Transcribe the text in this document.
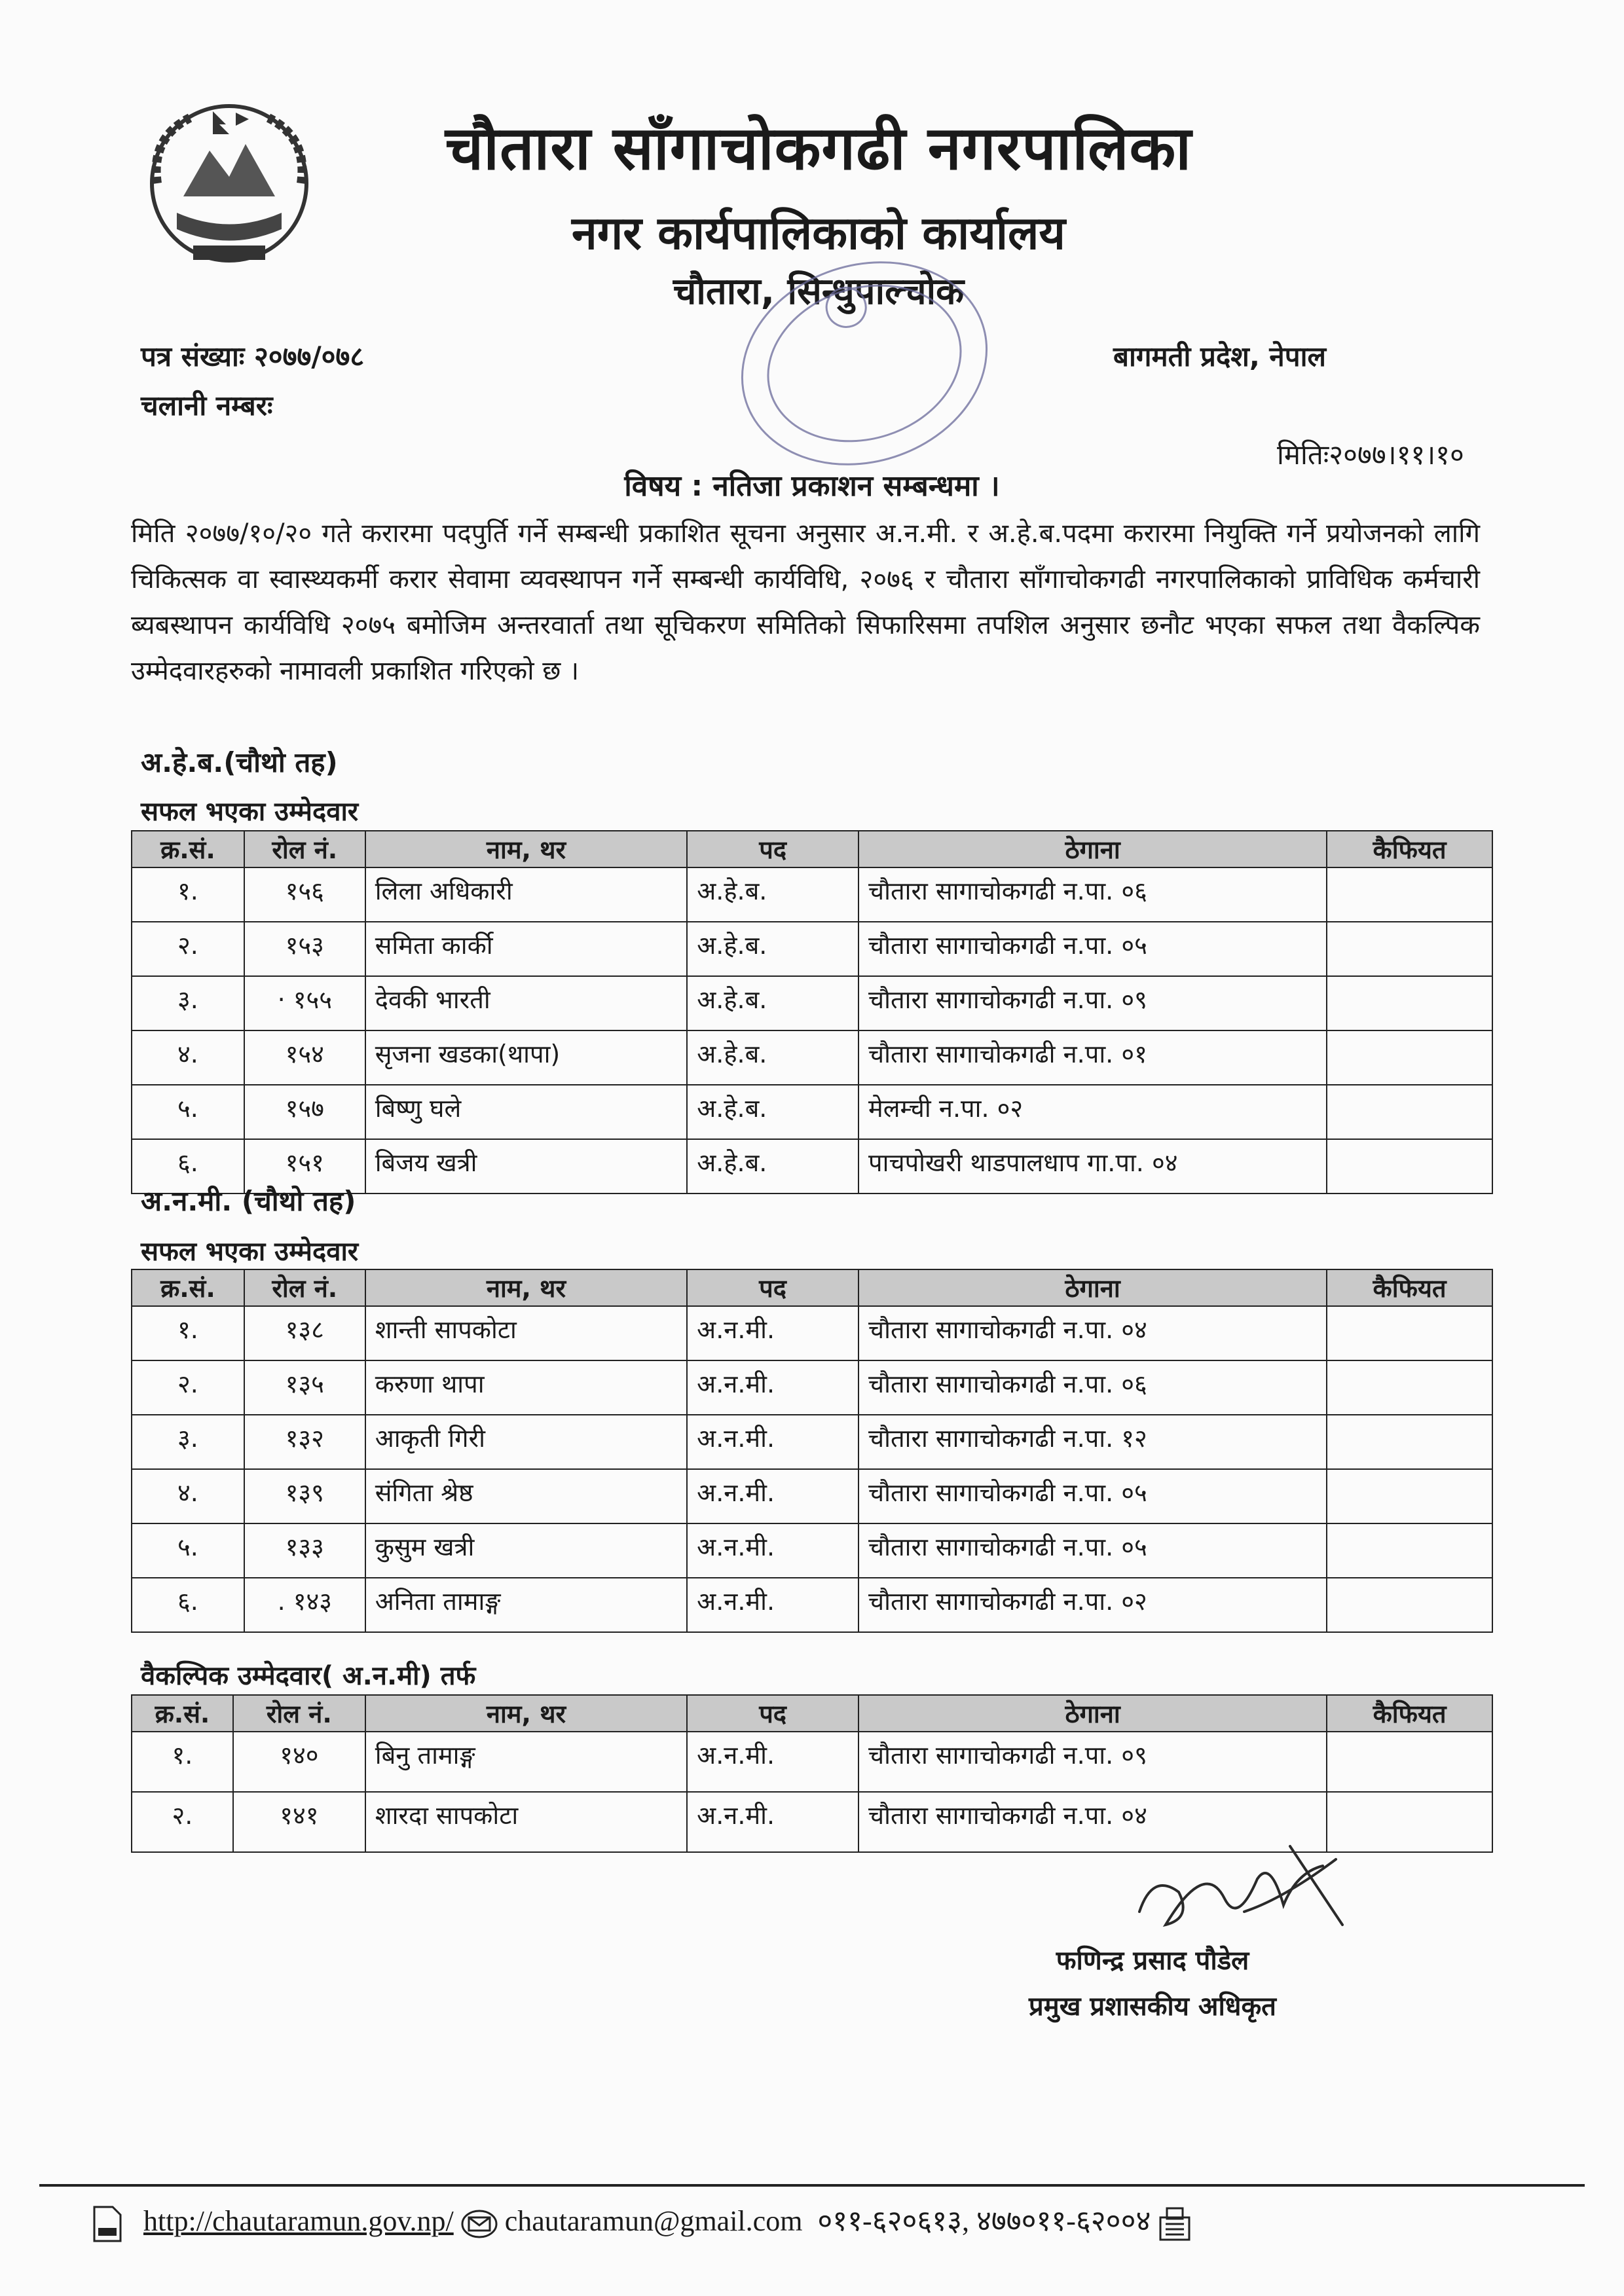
चौतारा साँगाचोकगढी नगरपालिका
नगर कार्यपालिकाको कार्यालय
चौतारा, सिन्धुपाल्चोक
पत्र संख्याः २०७७/०७८
चलानी नम्बरः
बागमती प्रदेश, नेपाल
मितिः२०७७।११।१०
विषय : नतिजा प्रकाशन सम्बन्धमा ।
मिति २०७७/१०/२० गते करारमा पदपुर्ति गर्ने सम्बन्धी प्रकाशित सूचना अनुसार अ.न.मी. र अ.हे.ब.पदमा करारमा नियुक्ति गर्ने प्रयोजनको लागि चिकित्सक वा स्वास्थ्यकर्मी करार सेवामा व्यवस्थापन गर्ने सम्बन्धी कार्यविधि, २०७६ र चौतारा साँगाचोकगढी नगरपालिकाको प्राविधिक कर्मचारी ब्यबस्थापन कार्यविधि २०७५ बमोजिम अन्तरवार्ता तथा सूचिकरण समितिको सिफारिसमा तपशिल अनुसार छनौट भएका सफल तथा वैकल्पिक उम्मेदवारहरुको नामावली प्रकाशित गरिएको छ ।
अ.हे.ब.(चौथो तह)
सफल भएका उम्मेदवार
क्र.सं.	रोल नं.	नाम, थर	पद	ठेगाना	कैफियत
१.	१५६	लिला अधिकारी	अ.हे.ब.	चौतारा सागाचोकगढी न.पा. ०६	
२.	१५३	समिता कार्की	अ.हे.ब.	चौतारा सागाचोकगढी न.पा. ०५	
३.	· १५५	देवकी भारती	अ.हे.ब.	चौतारा सागाचोकगढी न.पा. ०९	
४.	१५४	सृजना खडका(थापा)	अ.हे.ब.	चौतारा सागाचोकगढी न.पा. ०१	
५.	१५७	बिष्णु घले	अ.हे.ब.	मेलम्ची न.पा. ०२	
६.	१५१	बिजय खत्री	अ.हे.ब.	पाचपोखरी थाडपालधाप गा.पा. ०४	
अ.न.मी. (चौथो तह)
सफल भएका उम्मेदवार
क्र.सं.	रोल नं.	नाम, थर	पद	ठेगाना	कैफियत
१.	१३८	शान्ती सापकोटा	अ.न.मी.	चौतारा सागाचोकगढी न.पा. ०४	
२.	१३५	करुणा थापा	अ.न.मी.	चौतारा सागाचोकगढी न.पा. ०६	
३.	१३२	आकृती गिरी	अ.न.मी.	चौतारा सागाचोकगढी न.पा. १२	
४.	१३९	संगिता श्रेष्ठ	अ.न.मी.	चौतारा सागाचोकगढी न.पा. ०५	
५.	१३३	कुसुम खत्री	अ.न.मी.	चौतारा सागाचोकगढी न.पा. ०५	
६.	. १४३	अनिता तामाङ्ग	अ.न.मी.	चौतारा सागाचोकगढी न.पा. ०२	
वैकल्पिक उम्मेदवार( अ.न.मी) तर्फ
क्र.सं.	रोल नं.	नाम, थर	पद	ठेगाना	कैफियत
१.	१४०	बिनु तामाङ्ग	अ.न.मी.	चौतारा सागाचोकगढी न.पा. ०९	
२.	१४१	शारदा सापकोटा	अ.न.मी.	चौतारा सागाचोकगढी न.पा. ०४	
फणिन्द्र प्रसाद पौडेल
प्रमुख प्रशासकीय अधिकृत
http://chautaramun.gov.np/ chautaramun@gmail.com ०११-६२०६१३, ४७७०११-६२००४
